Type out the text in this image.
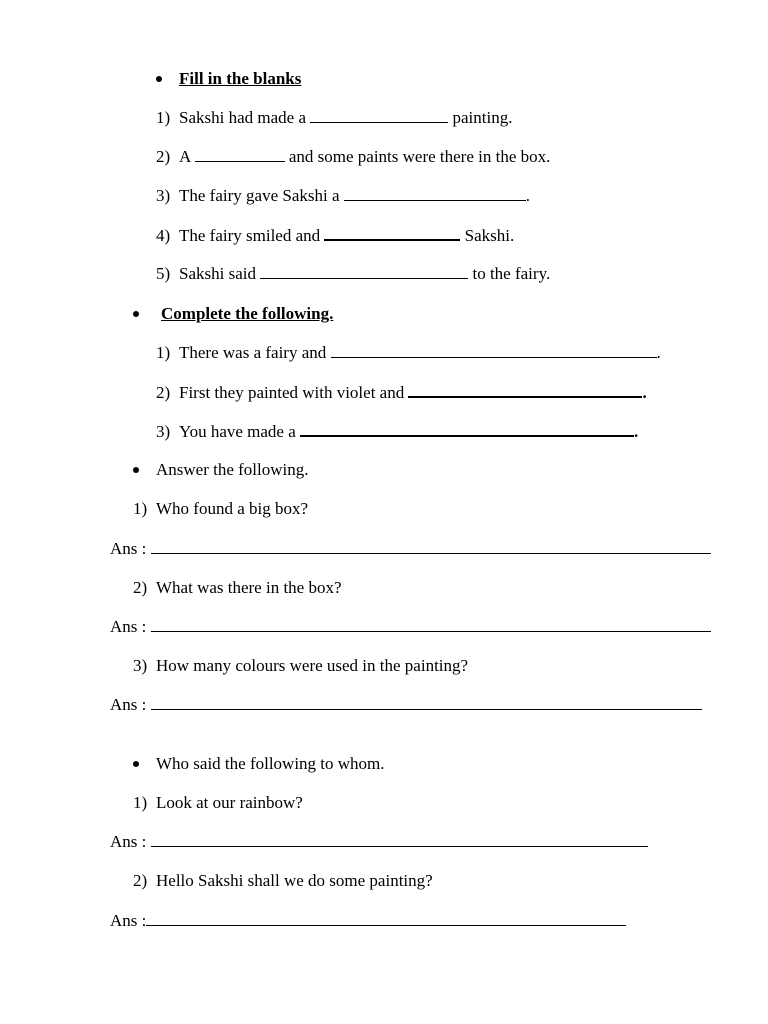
Fill in the blanks
1) Sakshi had made a	painting.
2) A	and some paints were there in the box.
3) The fairy gave Sakshi a	.
4) The fairy smiled and	Sakshi.
5) Sakshi said	to the fairy.
Complete the following.
1) There was a fairy and	.
2) First they painted with violet and	.
3) You have made a	.
Answer the following.
1) Who found a big box?
Ans :
2) What was there in the box?
Ans :
3) How many colours were used in the painting?
Ans :
Who said the following to whom.
1) Look at our rainbow?
Ans :
2) Hello Sakshi shall we do some painting?
Ans :
